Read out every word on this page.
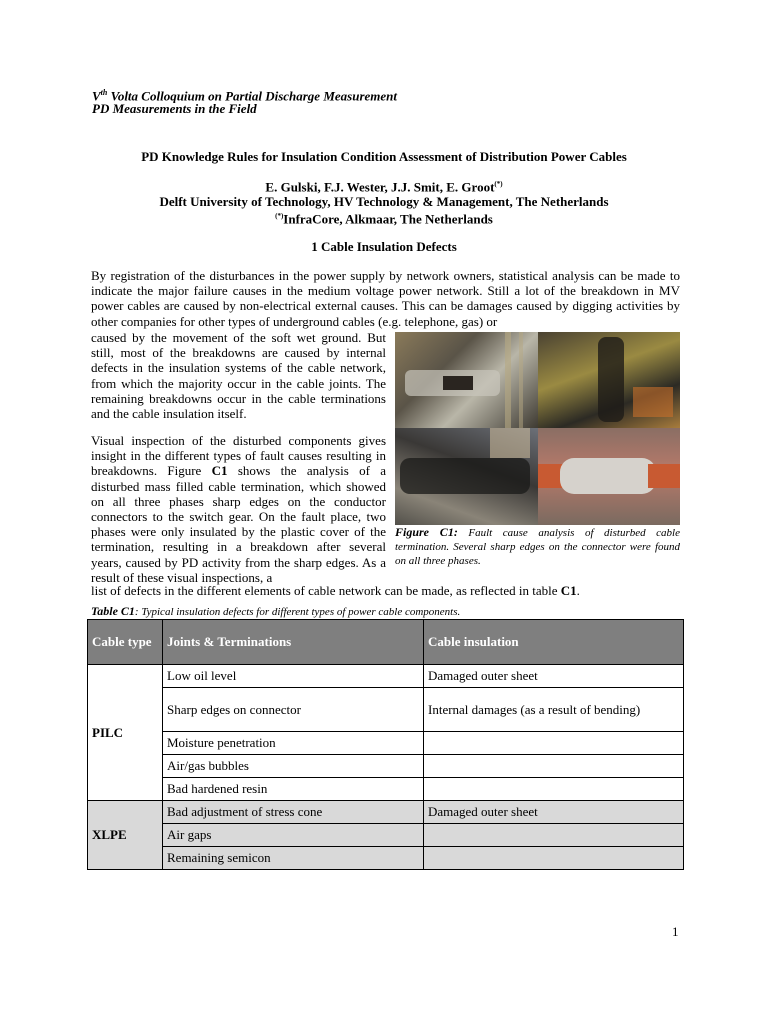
Vth Volta Colloquium on Partial Discharge Measurement
PD Measurements in the Field
PD Knowledge Rules for Insulation Condition Assessment of Distribution Power Cables
E. Gulski, F.J. Wester, J.J. Smit, E. Groot(*)
Delft University of Technology, HV Technology & Management, The Netherlands
(*)InfraCore, Alkmaar, The Netherlands
1 Cable Insulation Defects

By registration of the disturbances in the power supply by network owners, statistical analysis can be made to indicate the major failure causes in the medium voltage power network. Still a lot of the breakdown in MV power cables are caused by non-electrical external causes. This can be damages caused by digging activities by other companies for other types of underground cables (e.g. telephone, gas) or

caused by the movement of the soft wet ground. But still, most of the breakdowns are caused by internal defects in the insulation systems of the cable network, from which the majority occur in the cable joints. The remaining breakdowns occur in the cable terminations and the cable insulation itself.

Visual inspection of the disturbed components gives insight in the different types of fault causes resulting in breakdowns. Figure C1 shows the analysis of a disturbed mass filled cable termination, which showed on all three phases sharp edges on the conductor connectors to the switch gear. On the fault place, two phases were only insulated by the plastic cover of the termination, resulting in a breakdown after several years, caused by PD activity from the sharp edges. As a result of these visual inspections, a

list of defects in the different elements of cable network can be made, as reflected in table C1.

Figure C1: Fault cause analysis of disturbed cable termination. Several sharp edges on the connector were found on all three phases.
Table C1: Typical insulation defects for different types of power cable components.
Cable type	Joints & Terminations	Cable insulation
PILC	Low oil level	Damaged outer sheet
	Sharp edges on connector	Internal damages (as a result of bending)
	Moisture penetration	
	Air/gas bubbles	
	Bad hardened resin	
XLPE	Bad adjustment of stress cone	Damaged outer sheet
	Air gaps	
	Remaining semicon	
1
